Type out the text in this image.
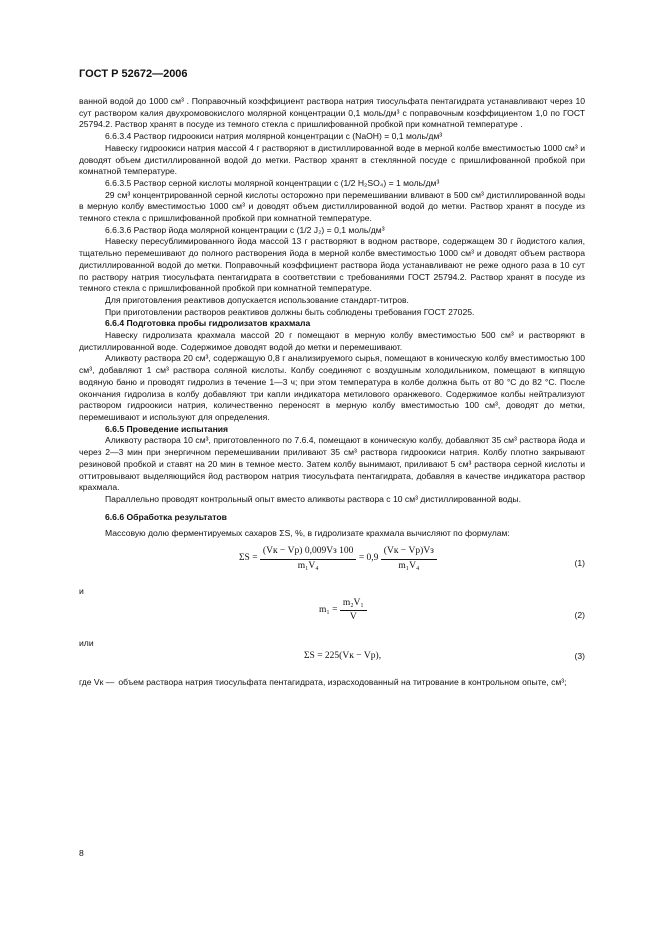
ГОСТ Р 52672—2006

ванной водой до 1000 см³ . Поправочный коэффициент раствора натрия тиосульфата пентагидрата устанавливают через 10 сут раствором калия двухромовокислого молярной концентрации 0,1 моль/дм³ с поправочным коэффициентом 1,0 по ГОСТ 25794.2. Раствор хранят в посуде из темного стекла с пришлифованной пробкой при комнатной температуре .

6.6.3.4 Раствор гидроокиси натрия молярной концентрации c (NaOH) = 0,1 моль/дм³

Навеску гидроокиси натрия массой 4 г растворяют в дистиллированной воде в мерной колбе вместимостью 1000 см³ и доводят объем дистиллированной водой до метки. Раствор хранят в стеклянной посуде с пришлифованной пробкой при комнатной температуре.

6.6.3.5 Раствор серной кислоты молярной концентрации c (1/2 H₂SO₄) = 1 моль/дм³

29 см³ концентрированной серной кислоты осторожно при перемешивании вливают в 500 см³ дистиллированной воды в мерную колбу вместимостью 1000 см³ и доводят объем дистиллированной водой до метки. Раствор хранят в посуде из темного стекла с пришлифованной пробкой при комнатной температуре.

6.6.3.6 Раствор йода молярной концентрации c (1/2 J₂) = 0,1 моль/дм³

Навеску пересублимированного йода массой 13 г растворяют в водном растворе, содержащем 30 г йодистого калия, тщательно перемешивают до полного растворения йода в мерной колбе вместимостью 1000 см³ и доводят объем раствора дистиллированной водой до метки. Поправочный коэффициент раствора йода устанавливают не реже одного раза в 10 сут по раствору натрия тиосульфата пентагидрата в соответствии с требованиями ГОСТ 25794.2. Раствор хранят в посуде из темного стекла с пришлифованной пробкой при комнатной температуре.

Для приготовления реактивов допускается использование стандарт-титров.

При приготовлении растворов реактивов должны быть соблюдены требования ГОСТ 27025.

6.6.4 Подготовка пробы гидролизатов крахмала

Навеску гидролизата крахмала массой 20 г помещают в мерную колбу вместимостью 500 см³ и растворяют в дистиллированной воде. Содержимое доводят водой до метки и перемешивают.

Аликвоту раствора 20 см³, содержащую 0,8 г анализируемого сырья, помещают в коническую колбу вместимостью 100 см³, добавляют 1 см³ раствора соляной кислоты. Колбу соединяют с воздушным холодильником, помещают в кипящую водяную баню и проводят гидролиз в течение 1—3 ч; при этом температура в колбе должна быть от 80 °C до 82 °C. После окончания гидролиза в колбу добавляют три капли индикатора метилового оранжевого. Содержимое колбы нейтрализуют раствором гидроокиси натрия, количественно переносят в мерную колбу вместимостью 100 см³, доводят до метки, перемешивают и используют для определения.

6.6.5 Проведение испытания

Аликвоту раствора 10 см³, приготовленного по 7.6.4, помещают в коническую колбу, добавляют 35 см³ раствора йода и через 2—3 мин при энергичном перемешивании приливают 35 см³ раствора гидроокиси натрия. Колбу плотно закрывают резиновой пробкой и ставят на 20 мин в темное место. Затем колбу вынимают, приливают 5 см³ раствора серной кислоты и оттитровывают выделяющийся йод раствором натрия тиосульфата пентагидрата, добавляя в качестве индикатора раствор крахмала.

Параллельно проводят контрольный опыт вместо аликвоты раствора с 10 см³ дистиллированной воды.

6.6.6 Обработка результатов

Массовую долю ферментируемых сахаров ΣS, %, в гидролизате крахмала вычисляют по формулам:

$\Sigma S = \frac{(Vк - Vр) 0,009Vз 100}{\text{m₁V₄}} = 0,9 \frac{(Vк - Vр)Vз}{\text{m₁V₄}}$	(1)

и

$m_1 = \frac{\text{m₂V₁}}{V}$	(2)

или

ΣS = 225(Vк − Vр),	(3)
где Vк — объем раствора натрия тиосульфата пентагидрата, израсходованный на титрование в контрольном опыте, см³;
8
